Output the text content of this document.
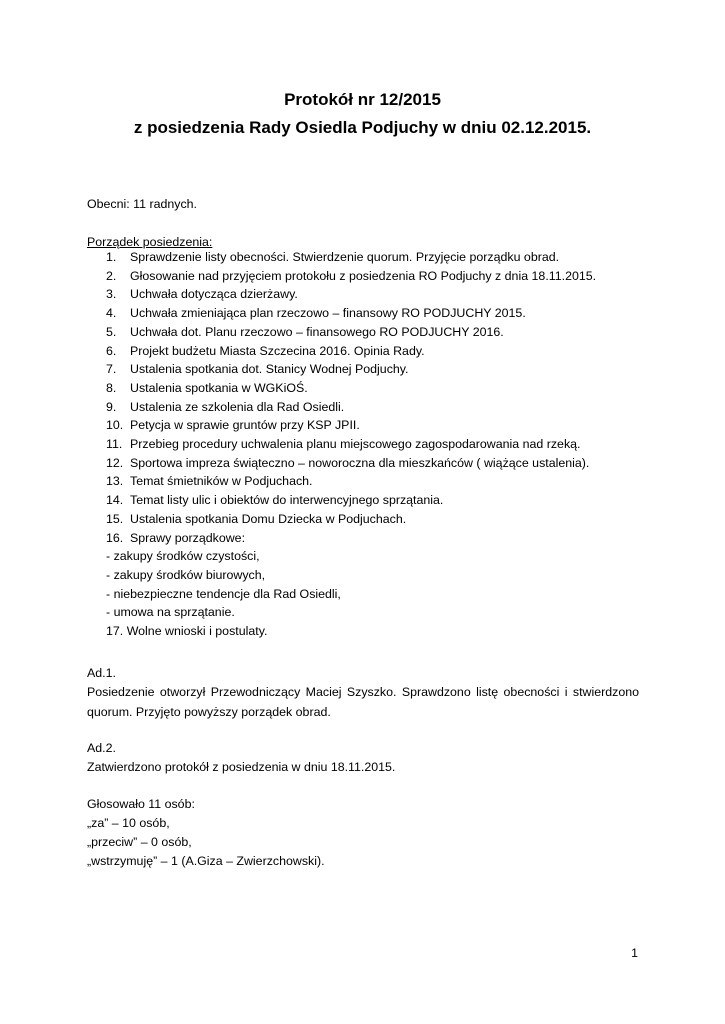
Protokół nr 12/2015
z posiedzenia Rady Osiedla Podjuchy w dniu 02.12.2015.
Obecni: 11 radnych.
Porządek posiedzenia:
1.	Sprawdzenie listy obecności. Stwierdzenie quorum. Przyjęcie porządku obrad.
2.	Głosowanie nad przyjęciem protokołu z posiedzenia RO Podjuchy z dnia 18.11.2015.
3.	Uchwała dotycząca dzierżawy.
4.	Uchwała zmieniająca plan rzeczowo – finansowy RO PODJUCHY 2015.
5.	Uchwała dot. Planu rzeczowo – finansowego RO PODJUCHY 2016.
6.	Projekt budżetu Miasta Szczecina 2016. Opinia Rady.
7.	Ustalenia spotkania dot. Stanicy Wodnej Podjuchy.
8.	Ustalenia spotkania w WGKiOŚ.
9.	Ustalenia ze szkolenia dla Rad Osiedli.
10. Petycja w sprawie gruntów przy KSP JPII.
11. Przebieg procedury uchwalenia planu miejscowego zagospodarowania nad rzeką.
12. Sportowa impreza świąteczno – noworoczna dla mieszkańców ( wiążące ustalenia).
13. Temat śmietników w Podjuchach.
14. Temat listy ulic i obiektów do interwencyjnego sprzątania.
15. Ustalenia spotkania Domu Dziecka w Podjuchach.
16. Sprawy porządkowe:
- zakupy środków czystości,
- zakupy środków biurowych,
- niebezpieczne tendencje dla Rad Osiedli,
- umowa na sprzątanie.
17.
Wolne wnioski i postulaty.
Ad.1.
Posiedzenie otworzył Przewodniczący Maciej Szyszko. Sprawdzono listę obecności i stwierdzono quorum. Przyjęto powyższy porządek obrad.
Ad.2.
Zatwierdzono protokół z posiedzenia w dniu 18.11.2015.
Głosowało 11 osób:
„za” – 10 osób,
„przeciw” – 0 osób,
„wstrzymuję” – 1 (A.Giza – Zwierzchowski).
1
